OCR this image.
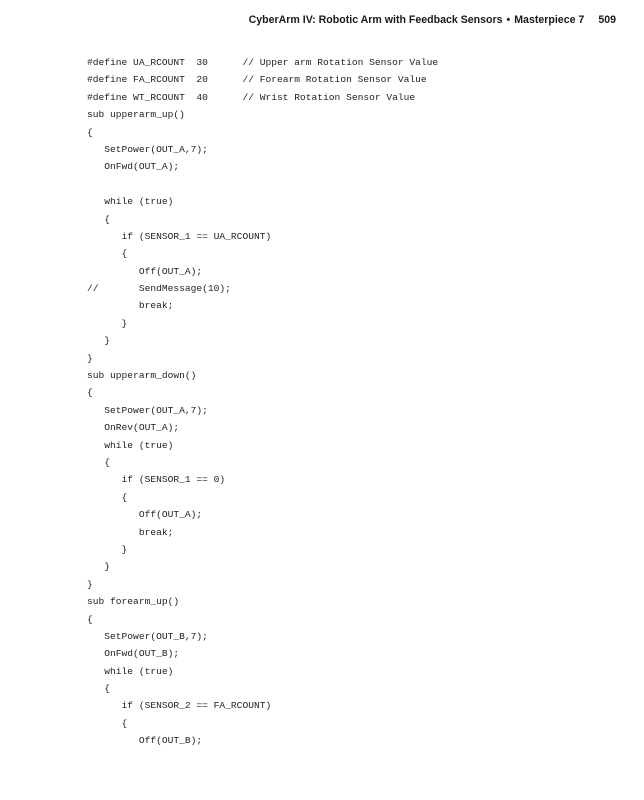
CyberArm IV: Robotic Arm with Feedback Sensors • Masterpiece 7 509
#define UA_RCOUNT  30      // Upper arm Rotation Sensor Value
#define FA_RCOUNT  20      // Forearm Rotation Sensor Value
#define WT_RCOUNT  40      // Wrist Rotation Sensor Value
sub upperarm_up()
{
SetPower(OUT_A,7);
OnFwd(OUT_A);
while (true)
{
if (SENSOR_1 == UA_RCOUNT)
{
Off(OUT_A);
//       SendMessage(10);
break;
}
}
}
sub upperarm_down()
{
SetPower(OUT_A,7);
OnRev(OUT_A);
while (true)
{
if (SENSOR_1 == 0)
{
Off(OUT_A);
break;
}
}
}
sub forearm_up()
{
SetPower(OUT_B,7);
OnFwd(OUT_B);
while (true)
{
if (SENSOR_2 == FA_RCOUNT)
{
Off(OUT_B);
